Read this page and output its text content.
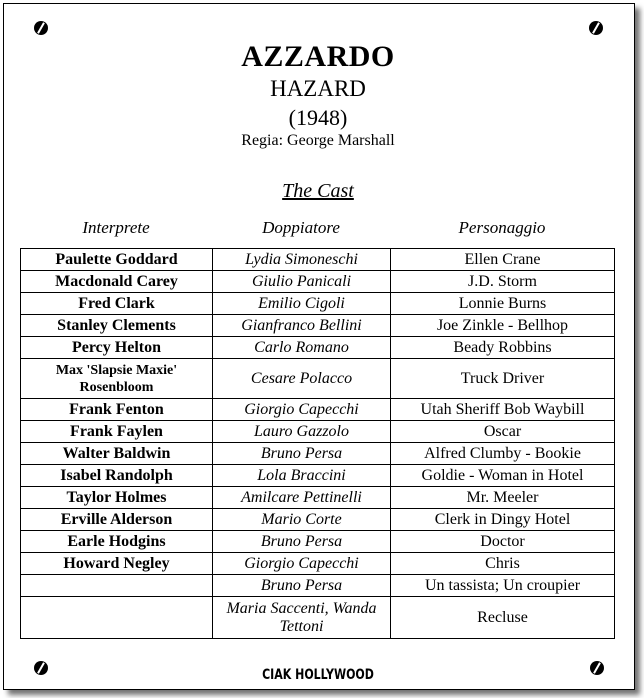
AZZARDO
HAZARD
(1948)
Regia: George Marshall
The Cast
Interprete	Doppiatore	Personaggio
Paulette Goddard	Lydia Simoneschi	Ellen Crane
Macdonald Carey	Giulio Panicali	J.D. Storm
Fred Clark	Emilio Cigoli	Lonnie Burns
Stanley Clements	Gianfranco Bellini	Joe Zinkle - Bellhop
Percy Helton	Carlo Romano	Beady Robbins
Max 'Slapsie Maxie' Rosenbloom	Cesare Polacco	Truck Driver
Frank Fenton	Giorgio Capecchi	Utah Sheriff Bob Waybill
Frank Faylen	Lauro Gazzolo	Oscar
Walter Baldwin	Bruno Persa	Alfred Clumby - Bookie
Isabel Randolph	Lola Braccini	Goldie - Woman in Hotel
Taylor Holmes	Amilcare Pettinelli	Mr. Meeler
Erville Alderson	Mario Corte	Clerk in Dingy Hotel
Earle Hodgins	Bruno Persa	Doctor
Howard Negley	Giorgio Capecchi	Chris
	Bruno Persa	Un tassista; Un croupier
	Maria Saccenti, Wanda Tettoni	Recluse
CIAK HOLLYWOOD
